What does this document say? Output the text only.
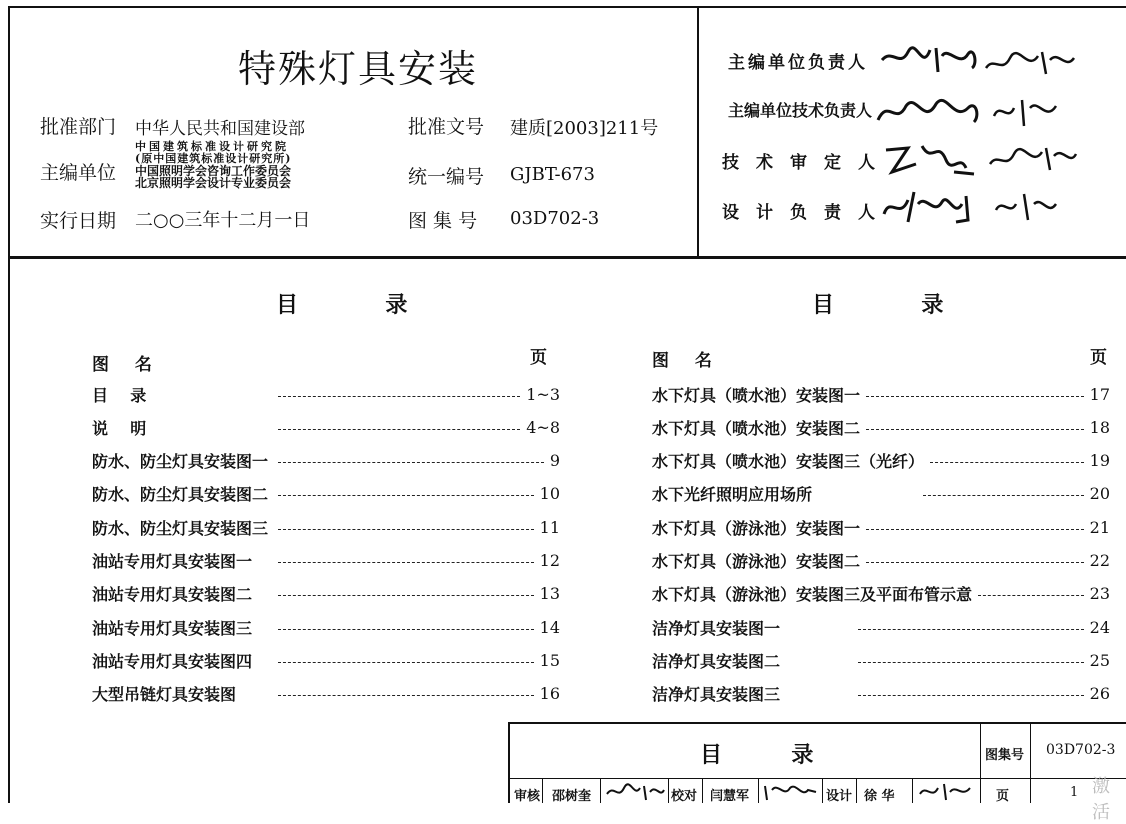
特殊灯具安装
批准部门 中华人民共和国建设部
主编单位
中国建筑标准设计研究院
(原中国建筑标准设计研究所)
中国照明学会咨询工作委员会
北京照明学会设计专业委员会
实行日期 二○○三年十二月一日
批准文号 建质[2003]211号
统一编号 GJBT-673
图 集 号 03D702-3
主编单位负责人
主编单位技术负责人
技术审定人
设计负责人
目  录	目  录
图 名	页	图 名	页
目    录	1~3
说    明	4~8
防水、防尘灯具安装图一	9
防水、防尘灯具安装图二	10
防水、防尘灯具安装图三	11
油站专用灯具安装图一	12
油站专用灯具安装图二	13
油站专用灯具安装图三	14
油站专用灯具安装图四	15
大型吊链灯具安装图	16
水下灯具（喷水池）安装图一	17
水下灯具（喷水池）安装图二	18
水下灯具（喷水池）安装图三（光纤）	19
水下光纤照明应用场所	20
水下灯具（游泳池）安装图一	21
水下灯具（游泳池）安装图二	22
水下灯具（游泳池）安装图三及平面布管示意	23
洁净灯具安装图一	24
洁净灯具安装图二	25
洁净灯具安装图三	26
目  录	图集号 03D702-3
审核 邵树奎	校对 闫慧军	设计 徐 华	页	1 激活
